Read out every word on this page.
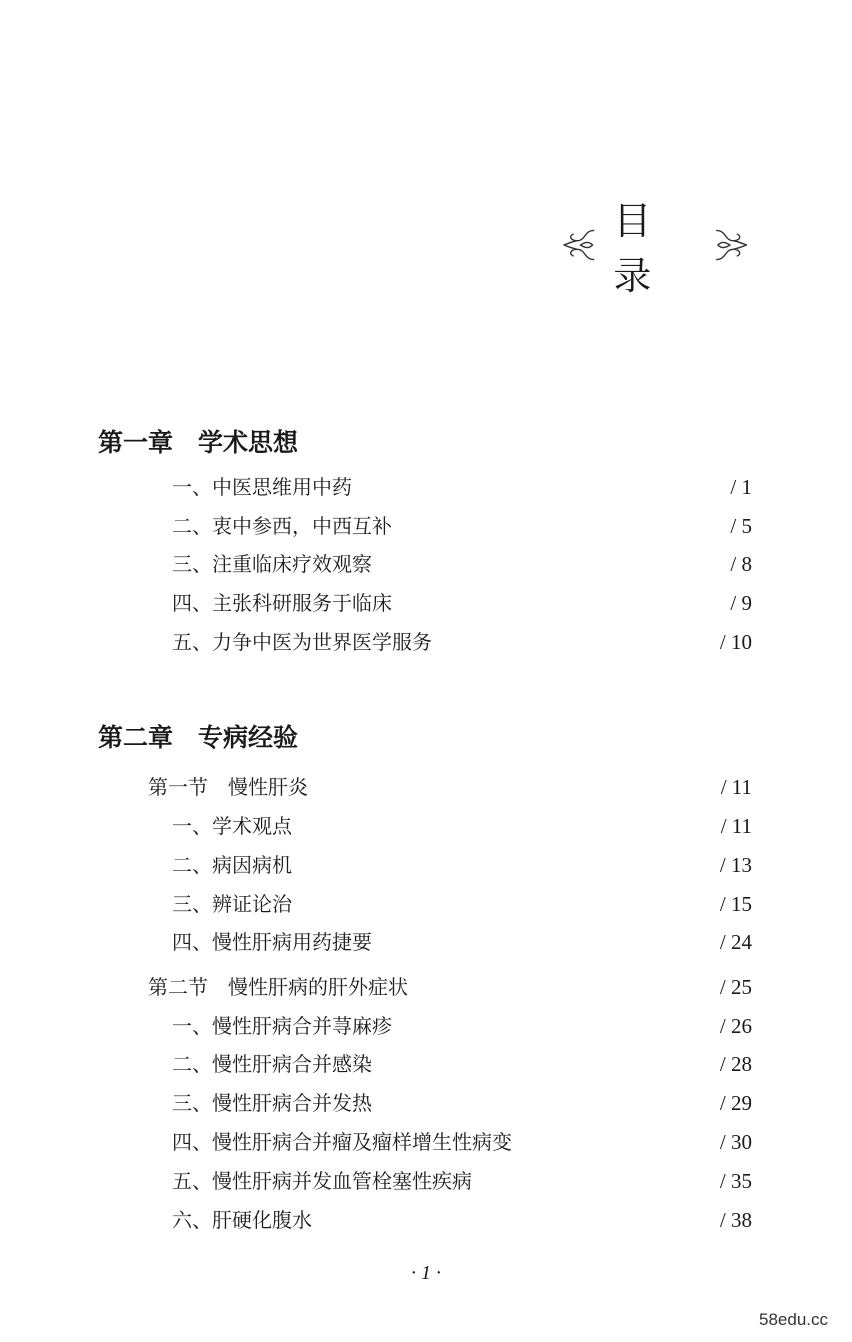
目录
第一章　学术思想
一、中医思维用中药	/ 1
二、衷中参西，中西互补	/ 5
三、注重临床疗效观察	/ 8
四、主张科研服务于临床	/ 9
五、力争中医为世界医学服务	/ 10
第二章　专病经验
第一节　慢性肝炎	/ 11
一、学术观点	/ 11
二、病因病机	/ 13
三、辨证论治	/ 15
四、慢性肝病用药捷要	/ 24
第二节　慢性肝病的肝外症状	/ 25
一、慢性肝病合并荨麻疹	/ 26
二、慢性肝病合并感染	/ 28
三、慢性肝病合并发热	/ 29
四、慢性肝病合并瘤及瘤样增生性病变	/ 30
五、慢性肝病并发血管栓塞性疾病	/ 35
六、肝硬化腹水	/ 38
· 1 ·
58edu.cc
